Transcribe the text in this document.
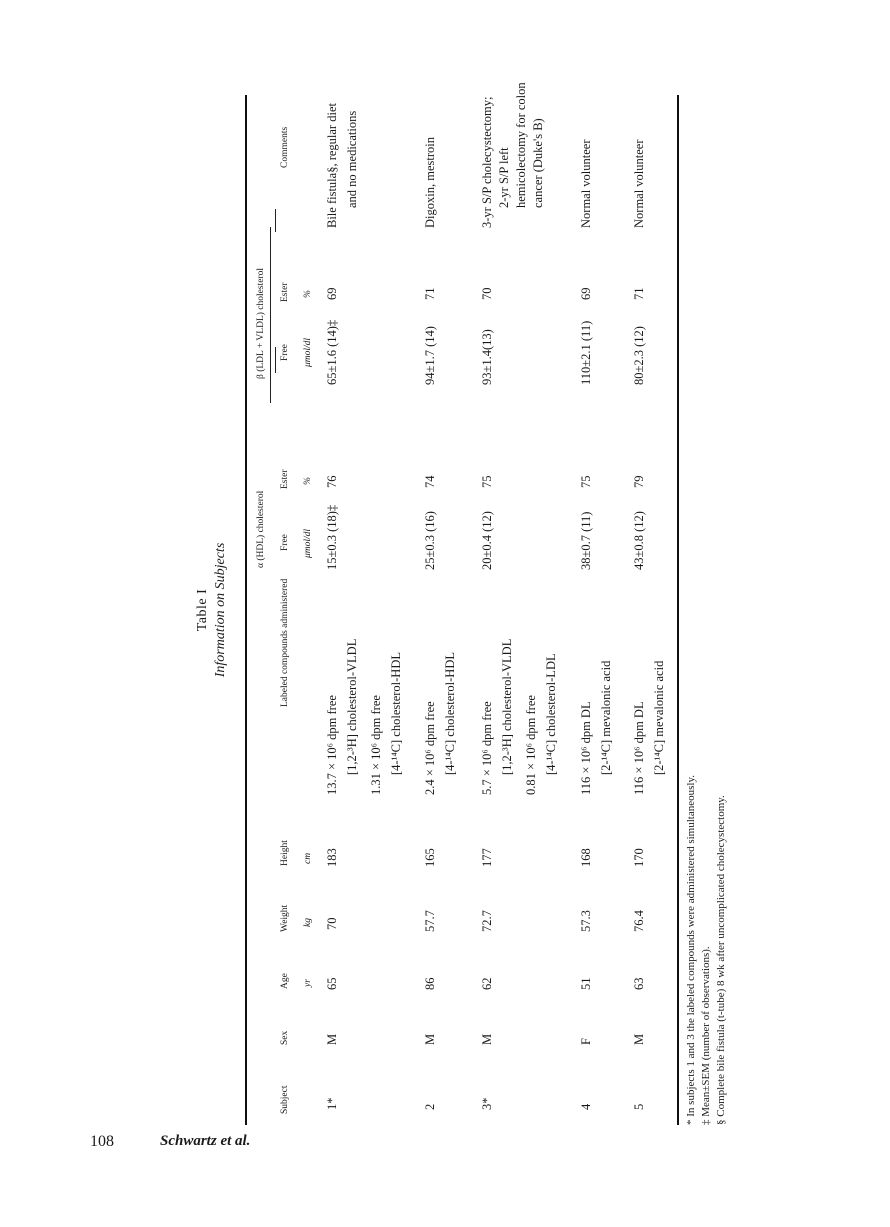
108	Schwartz et al.
Table I Information on Subjects
Subject
Sex
Age
Weight
Height
Labeled compounds administered
α (HDL) cholesterol Free
Ester
β (LDL + VLDL) cholesterol Free
Ester
Comments
yr
kg
cm
μmol/dl
%
μmol/dl
%
1*
M
65
70
183
13.7 × 10⁶ dpm free [1,2-³H] cholesterol-VLDL 1.31 × 10⁶ dpm free [4-¹⁴C] cholesterol-HDL
15±0.3 (18)‡
76
65±1.6 (14)‡
69
Bile fistula§, regular diet and no medications
2
M
86
57.7
165
2.4 × 10⁶ dpm free [4-¹⁴C] cholesterol-HDL
25±0.3 (16)
74
94±1.7 (14)
71
Digoxin, mestroin
3*
M
62
72.7
177
5.7 × 10⁶ dpm free [1,2-³H] cholesterol-VLDL 0.81 × 10⁶ dpm free [4-¹⁴C] cholesterol-LDL
20±0.4 (12)
75
93±1.4(13)
70
3-yr S/P cholecystectomy; 2-yr S/P left hemicolectomy for colon cancer (Duke's B)
4
F
51
57.3
168
116 × 10⁶ dpm DL [2-¹⁴C] mevalonic acid
38±0.7 (11)
75
110±2.1 (11)
69
Normal volunteer
5
M
63
76.4
170
116 × 10⁶ dpm DL [2-¹⁴C] mevalonic acid
43±0.8 (12)
79
80±2.3 (12)
71
Normal volunteer
* In subjects 1 and 3 the labeled compounds were administered simultaneously. ‡ Mean±SEM (number of observations). § Complete bile fistula (t-tube) 8 wk after uncomplicated cholecystectomy.
